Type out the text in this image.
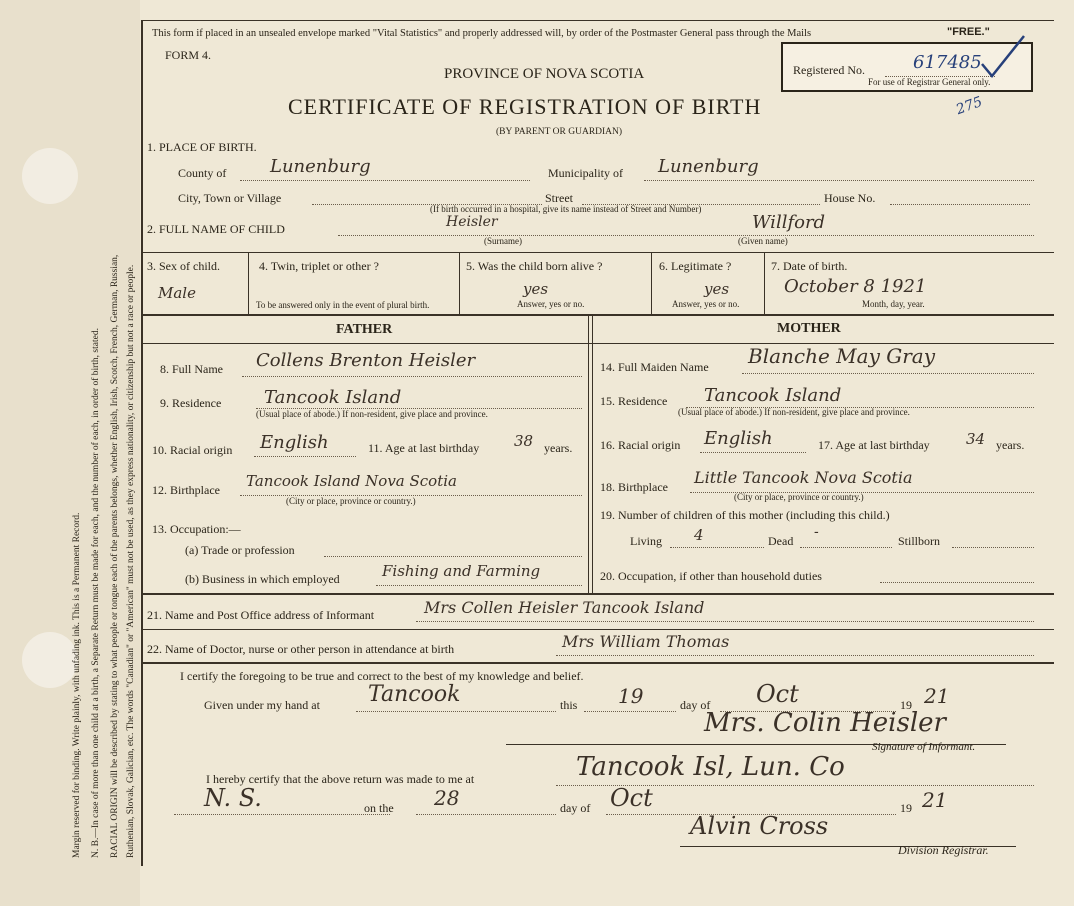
Margin reserved for binding. Write plainly, with unfading ink. This is a Permanent Record. N. B.—In case of more than one child at a birth, a Separate Return must be made for each, and the number of each, in order of birth, stated. RACIAL ORIGIN will be described by stating to what people or tongue each of the parents belongs, whether English, Irish, Scotch, French, German, Russian, Ruthenian, Slovak, Galician, etc. The words "Canadian" or "American" must not be used, as they express nationality, or citizenship but not a race or people.
This form if placed in an unsealed envelope marked "Vital Statistics" and properly addressed will, by order of the Postmaster General pass through the Mails	"FREE."
FORM 4.
PROVINCE OF NOVA SCOTIA
CERTIFICATE OF REGISTRATION OF BIRTH
(BY PARENT OR GUARDIAN)
Registered No.	617485
For use of Registrar General only.
275
1. PLACE OF BIRTH.
County of Lunenburg	Municipality of Lunenburg
City, Town or Village	Street	House No.
(If birth occurred in a hospital, give its name instead of Street and Number)
2. FULL NAME OF CHILD	Heisler	Willford
(Surname)	(Given name)
3. Sex of child.
Male
4. Twin, triplet or other ?
To be answered only in the event of plural birth.
5. Was the child born alive ?
yes
Answer, yes or no.
6. Legitimate ?
yes
Answer, yes or no.
7. Date of birth.
October 8 1921
Month, day, year.
FATHER	MOTHER
8. Full Name Collens Brenton Heisler
9. Residence Tancook Island
(Usual place of abode.) If non-resident, give place and province.
10. Racial origin English	11. Age at last birthday 38 years.
12. Birthplace Tancook Island Nova Scotia
(City or place, province or country.)
13. Occupation:—
(a) Trade or profession
(b) Business in which employed	Fishing and Farming
14. Full Maiden Name Blanche May Gray
15. Residence Tancook Island
(Usual place of abode.) If non-resident, give place and province.
16. Racial origin English	17. Age at last birthday 34 years.
18. Birthplace Little Tancook Nova Scotia
(City or place, province or country.)
19. Number of children of this mother (including this child.)
Living 4	Dead
-
Stillborn
20. Occupation, if other than household duties
21. Name and Post Office address of Informant	Mrs Collen Heisler Tancook Island
22. Name of Doctor, nurse or other person in attendance at birth	Mrs William Thomas
I certify the foregoing to be true and correct to the best of my knowledge and belief.
Given under my hand at Tancook	this 19	day of Oct	19 21
Mrs. Colin Heisler
Signature of Informant.
I hereby certify that the above return was made to me at	Tancook Isl, Lun. Co
N. S.	on the 28	day of Oct	19 21
Alvin Cross
Division Registrar.
